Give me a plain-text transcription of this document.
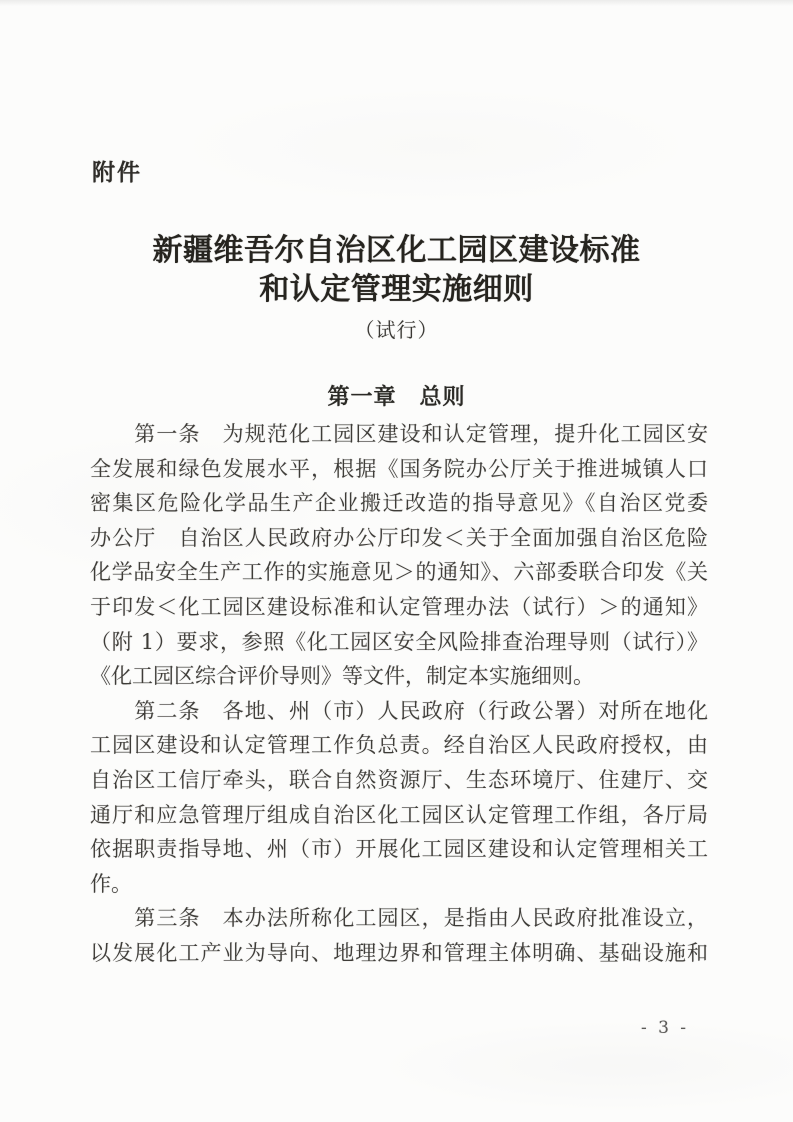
附件
新疆维吾尔自治区化工园区建设标准
和认定管理实施细则
（试行）
第一章　总则
　　第一条　为规范化工园区建设和认定管理，提升化工园区安
全发展和绿色发展水平，根据《国务院办公厅关于推进城镇人口
密集区危险化学品生产企业搬迁改造的指导意见》《自治区党委
办公厅　自治区人民政府办公厅印发＜关于全面加强自治区危险
化学品安全生产工作的实施意见＞的通知》、六部委联合印发《关
于印发＜化工园区建设标准和认定管理办法（试行）＞的通知》
（附 1）要求，参照《化工园区安全风险排查治理导则（试行）》
《化工园区综合评价导则》等文件，制定本实施细则。
　　第二条　各地、州（市）人民政府（行政公署）对所在地化
工园区建设和认定管理工作负总责。经自治区人民政府授权，由
自治区工信厅牵头，联合自然资源厅、生态环境厅、住建厅、交
通厅和应急管理厅组成自治区化工园区认定管理工作组，各厅局
依据职责指导地、州（市）开展化工园区建设和认定管理相关工
作。
　　第三条　本办法所称化工园区，是指由人民政府批准设立，
以发展化工产业为导向、地理边界和管理主体明确、基础设施和
- 3 -
